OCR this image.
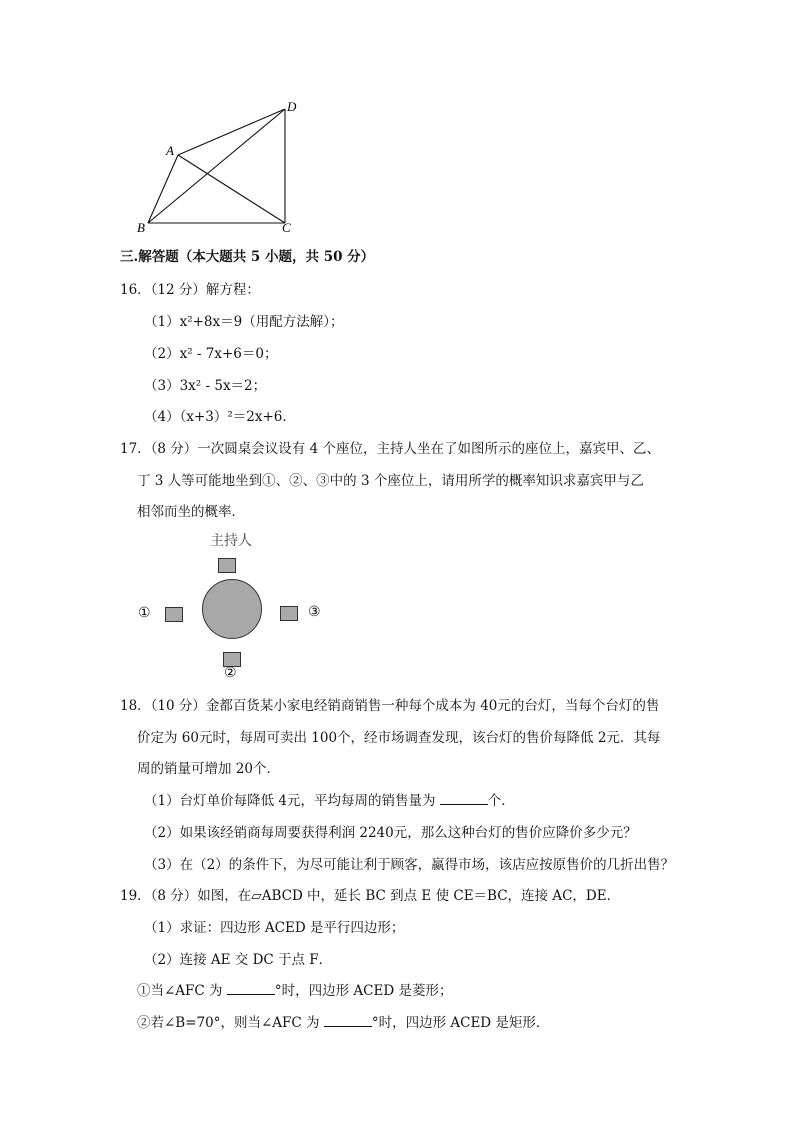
A
B	C
D
三.解答题（本大题共 5 小题，共 50 分）
16．（12 分）解方程：
（1）x²+8x＝9（用配方法解）；
（2）x² - 7x+6＝0；
（3）3x² - 5x＝2；
（4）（x+3）²＝2x+6．
17．（8 分）一次圆桌会议设有 4 个座位，主持人坐在了如图所示的座位上，嘉宾甲、乙、
丁 3 人等可能地坐到①、②、③中的 3 个座位上，请用所学的概率知识求嘉宾甲与乙
相邻而坐的概率．
主持人
①	③
②
18．（10 分）金都百货某小家电经销商销售一种每个成本为 40元的台灯，当每个台灯的售
价定为 60元时，每周可卖出 100个，经市场调查发现，该台灯的售价每降低 2元．其每
周的销量可增加 20个．
（1）台灯单价每降低 4元，平均每周的销售量为	个．
（2）如果该经销商每周要获得利润 2240元，那么这种台灯的售价应降价多少元？
（3）在（2）的条件下，为尽可能让利于顾客，赢得市场，该店应按原售价的几折出售？
19．（8 分）如图，在▱ABCD 中，延长 BC 到点 E 使 CE＝BC，连接 AC，DE．
（1）求证：四边形 ACED 是平行四边形；
（2）连接 AE 交 DC 于点 F．
①当∠AFC 为	°时，四边形 ACED 是菱形；
②若∠B=70°，则当∠AFC 为	°时，四边形 ACED 是矩形．
